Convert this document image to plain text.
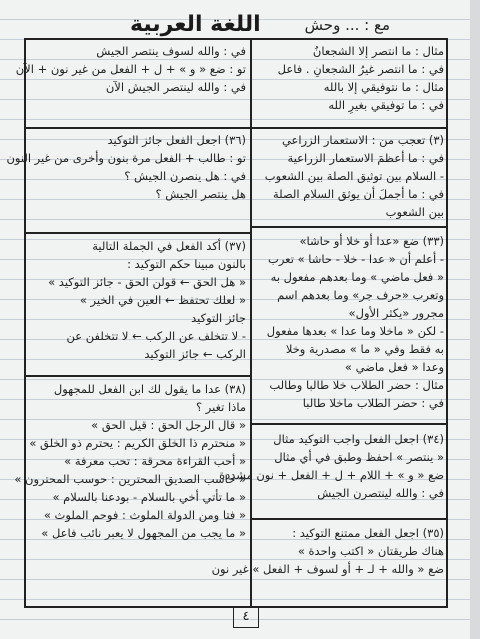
اللغة العربية	مع : ... وحش
مثال : ما انتصر إلا الشجعانُ
في : ما انتصر غيرُ الشجعانِ . فاعل
مثال : ما نتوفيقي إلا بالله
في : ما توفيقي بغيرِ الله
(٣) تعجب من : الاستعمار الزراعي
في : ما أعظمَ الاستعمار الزراعية
- السلام بين توثيق الصلة بين الشعوب
في : ما أجملَ أن يوثق السلام الصلة
بين الشعوب
(٣٣) ضع «عدا أو خلا أو حاشا»
- أعلم أن « عدا - خلا - حاشا » تعرب
« فعل ماضي » وما بعدهم مفعول به
وتعرب «حرف جر» وما بعدهم اسم
مجرور «يكثر الأول»
- لكن « ماخلا وما عدا » بعدها مفعول
به فقط وفي « ما » مصدرية وخلا
وعدا « فعل ماضي »
مثال : حضر الطلاب خلا طالبا وطالب
في : حضر الطلاب ماخلا طالبا
(٣٤) اجعل الفعل واجب التوكيد مثال
« ينتصر » احفظ وطبق في أي مثال
ضع « و » + اللام + ل + الفعل + نون مشددة
في : والله لينتصرن الجيش
(٣٥) اجعل الفعل ممتنع التوكيد :
هناك طريقتان « اكتب واحدة »
ضع « والله + لـ + أو لسوف + الفعل » غير نون
في : والله لسوف ينتصر الجيش
تو : ضع « و » + ل + الفعل من غير نون + الآن
في : والله لينتصر الجيش الآن
(٣٦) اجعل الفعل جائز التوكيد
تو : طالب + الفعل مرة بنون وأخرى من غير النون
في : هل ينصرن الجيش ؟
هل ينتصر الجيش ؟
(٣٧) أكد الفعل في الجملة التالية
بالنون مبينا حكم التوكيد :
« هل الحق ← قولن الحق - جائز التوكيد »
« لعلك تحتفظ ← العين في الخير »
جائز التوكيد
- لا تتخلف عن الركب ← لا تتخلفن عن
الركب ← جائز التوكيد
(٣٨) عدا ما يقول لك ابن الفعل للمجهول
ماذا تغير ؟
« قال الرجل الحق : قيل الحق »
« منحترم ذا الخلق الكريم : يحترم ذو الخلق »
« أحب القراءة محرقة : تحب معرفة »
« حاسب الصديق المحترين : حوسب المحترون »
« ما تأتي أخي بالسلام - بودعنا بالسلام »
« فتا ومن الدولة الملوث : فوحم الملوث »
« ما يجب من المجهول لا يعبر نائب فاعل »
٤
